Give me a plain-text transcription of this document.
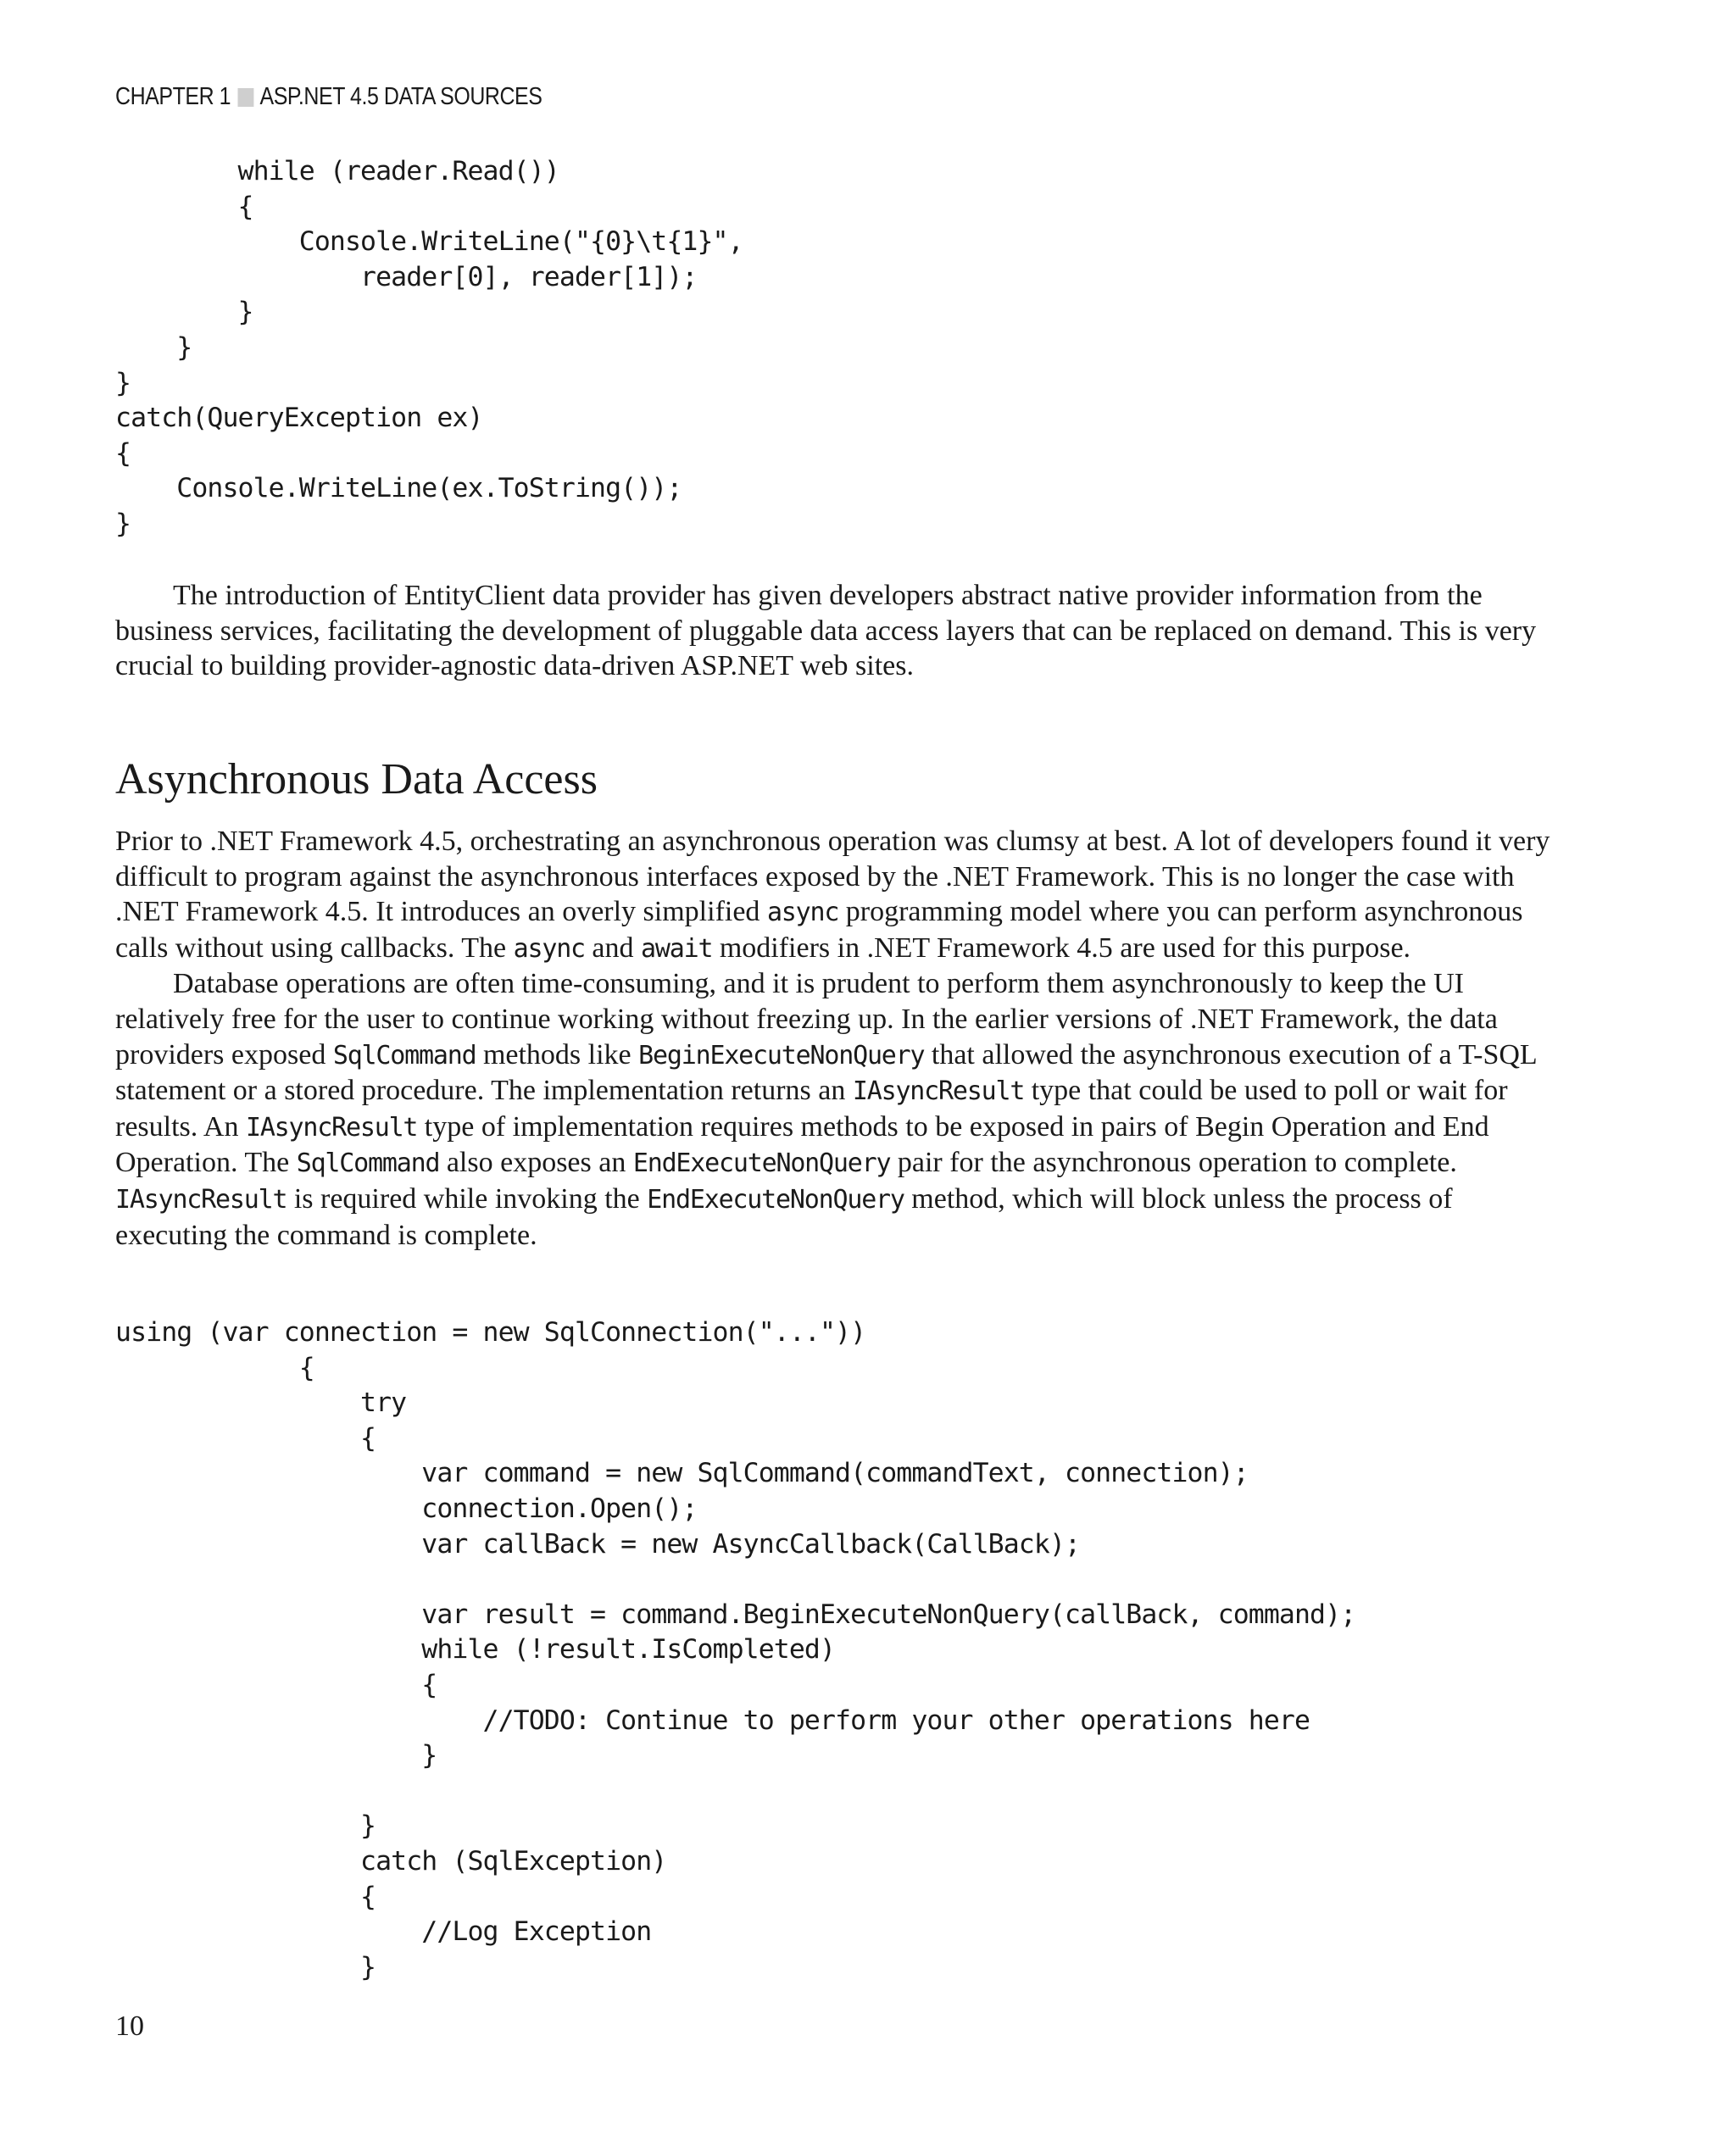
CHAPTER 1 ASP.NET 4.5 DATA SOURCES
while (reader.Read())
{
Console.WriteLine("{0}\t{1}",
reader[0], reader[1]);
}
}
}
catch(QueryException ex)
{
Console.WriteLine(ex.ToString());
}

The introduction of EntityClient data provider has given developers abstract native provider information from the business services, facilitating the development of pluggable data access layers that can be replaced on demand. This is very crucial to building provider-agnostic data-driven ASP.NET web sites.

Asynchronous Data Access

Prior to .NET Framework 4.5, orchestrating an asynchronous operation was clumsy at best. A lot of developers found it very difficult to program against the asynchronous interfaces exposed by the .NET Framework. This is no longer the case with .NET Framework 4.5. It introduces an overly simplified async programming model where you can perform asynchronous calls without using callbacks. The async and await modifiers in .NET Framework 4.5 are used for this purpose.

Database operations are often time-consuming, and it is prudent to perform them asynchronously to keep the UI relatively free for the user to continue working without freezing up. In the earlier versions of .NET Framework, the data providers exposed SqlCommand methods like BeginExecuteNonQuery that allowed the asynchronous execution of a T-SQL statement or a stored procedure. The implementation returns an IAsyncResult type that could be used to poll or wait for results. An IAsyncResult type of implementation requires methods to be exposed in pairs of Begin Operation and End Operation. The SqlCommand also exposes an EndExecuteNonQuery pair for the asynchronous operation to complete. IAsyncResult is required while invoking the EndExecuteNonQuery method, which will block unless the process of executing the command is complete.

using (var connection = new SqlConnection("..."))
{
try
{
var command = new SqlCommand(commandText, connection);
connection.Open();
var callBack = new AsyncCallback(CallBack);

var result = command.BeginExecuteNonQuery(callBack, command);
while (!result.IsCompleted)
{
//TODO: Continue to perform your other operations here
}

}
catch (SqlException)
{
//Log Exception
}
10
